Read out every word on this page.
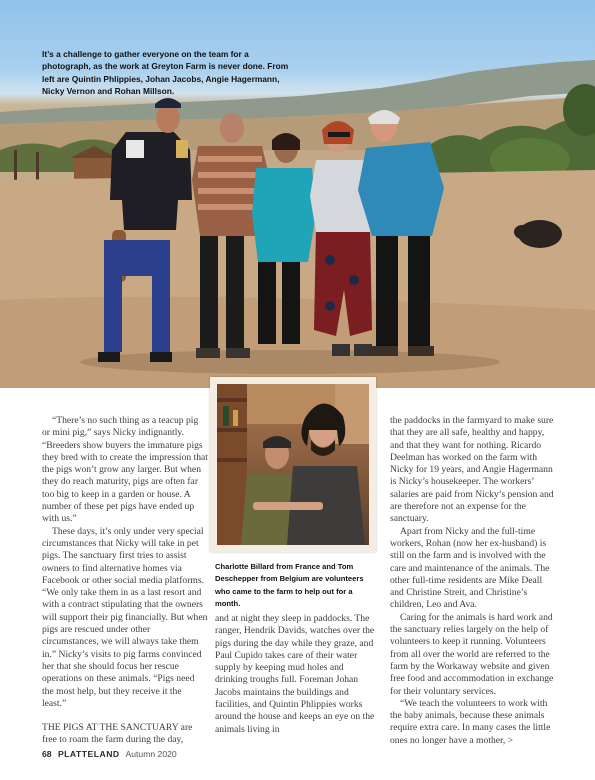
It’s a challenge to gather everyone on the team for a photograph, as the work at Greyton Farm is never done. From left are Quintin Phlippies, Johan Jacobs, Angie Hagermann, Nicky Vernon and Rohan Millson.
Charlotte Billard from France and Tom Deschepper from Belgium are volunteers who came to the farm to help out for a month.

“There’s no such thing as a teacup pig or mini pig,” says Nicky indignantly. “Breeders show buyers the immature pigs they bred with to create the impression that the pigs won’t grow any larger. But when they do reach maturity, pigs are often far too big to keep in a garden or house. A number of these pet pigs have ended up with us.”

These days, it’s only under very special circumstances that Nicky will take in pet pigs. The sanctuary first tries to assist owners to find alternative homes via Facebook or other social media platforms. “We only take them in as a last resort and with a contract stipulating that the owners will support their pig financially. But when pigs are rescued under other circumstances, we will always take them in.” Nicky’s visits to pig farms convinced her that she should focus her rescue operations on these animals. “Pigs need the most help, but they receive it the least.”

THE PIGS AT THE SANCTUARY are free to roam the farm during the day,

and at night they sleep in paddocks. The ranger, Hendrik Davids, watches over the pigs during the day while they graze, and Paul Cupido takes care of their water supply by keeping mud holes and drinking troughs full. Foreman Johan Jacobs maintains the buildings and facilities, and Quintin Phlippies works around the house and keeps an eye on the animals living in

the paddocks in the farmyard to make sure that they are all safe, healthy and happy, and that they want for nothing. Ricardo Deelman has worked on the farm with Nicky for 19 years, and Angie Hagermann is Nicky’s housekeeper. The workers’ salaries are paid from Nicky’s pension and are therefore not an expense for the sanctuary.

Apart from Nicky and the full-time workers, Rohan (now her ex-husband) is still on the farm and is involved with the care and maintenance of the animals. The other full-time residents are Mike Deall and Christine Streit, and Christine’s children, Leo and Ava.

Caring for the animals is hard work and the sanctuary relies largely on the help of volunteers to keep it running. Volunteers from all over the world are referred to the farm by the Workaway website and given free food and accommodation in exchange for their voluntary services.

“We teach the volunteers to work with the baby animals, because these animals require extra care. In many cases the little ones no longer have a mother, >

68 PLATTELAND Autumn 2020
